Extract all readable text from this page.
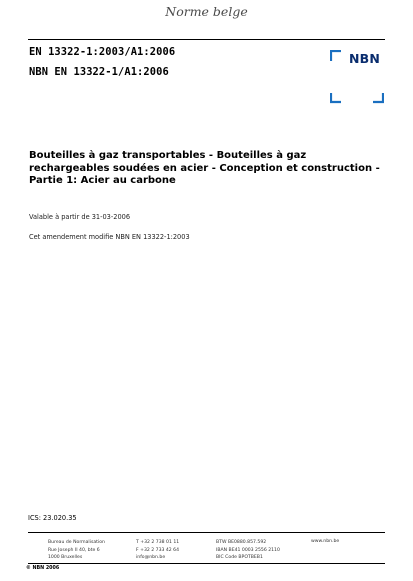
Norme belge
EN 13322-1:2003/A1:2006
NBN EN 13322-1/A1:2006
NBN
Bouteilles à gaz transportables - Bouteilles à gaz rechargeables soudées en acier - Conception et construction - Partie 1: Acier au carbone
Valable à partir de 31-03-2006
Cet amendement modifie NBN EN 13322-1:2003
ICS: 23.020.35
Bureau de Normalisation
Rue Joseph II 40, bte 6
1000 Bruxelles
T +32 2 738 01 11
F +32 2 733 42 64
info@nbn.be
BTW BE0880.857.592
IBAN BE41 0003 2556 2110
BIC Code BPOTBEB1
www.nbn.be
© NBN 2006
